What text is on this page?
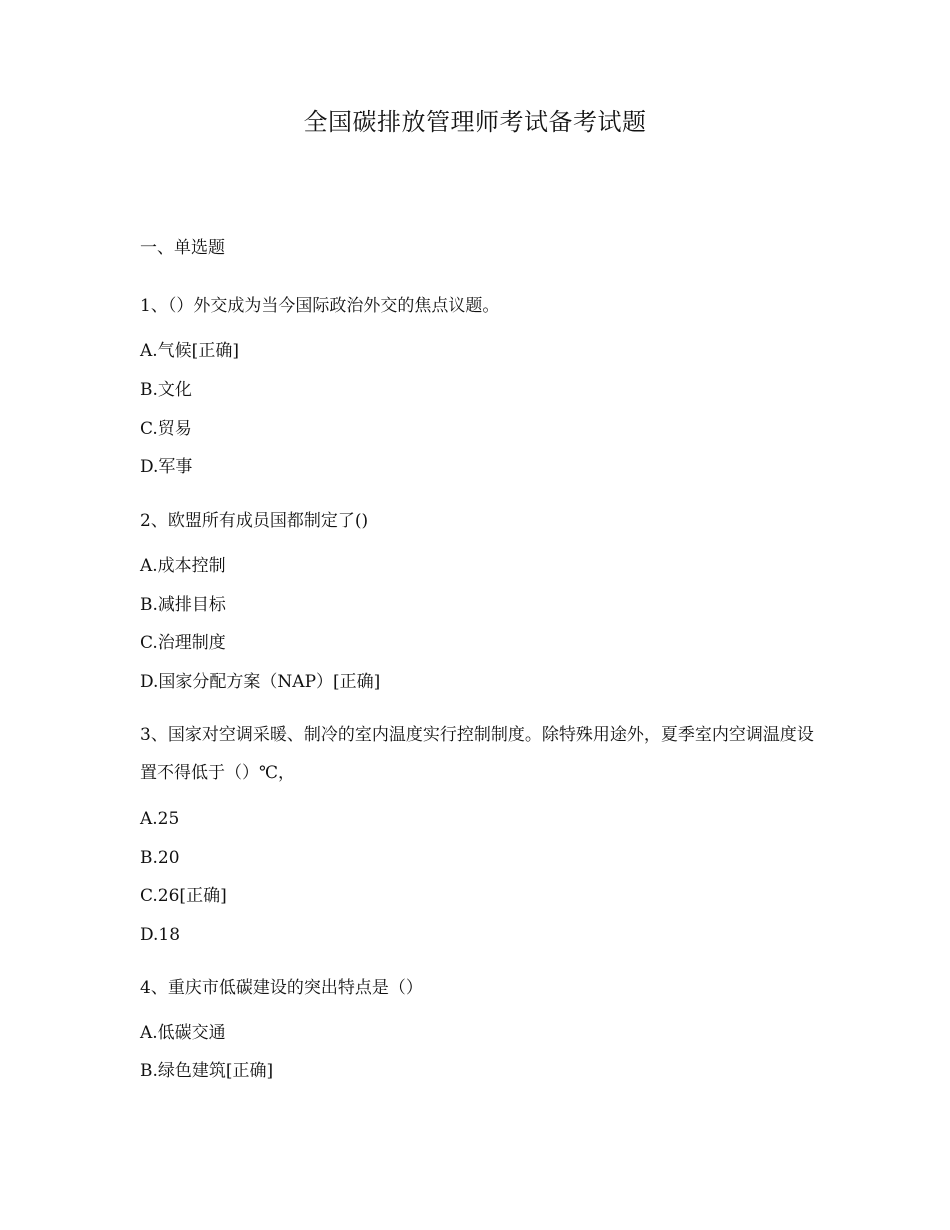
全国碳排放管理师考试备考试题
一、单选题
1、（）外交成为当今国际政治外交的焦点议题。
A.气候[正确]
B.文化
C.贸易
D.军事
2、欧盟所有成员国都制定了()
A.成本控制
B.减排目标
C.治理制度
D.国家分配方案（NAP）[正确]
3、国家对空调采暖、制冷的室内温度实行控制制度。除特殊用途外，夏季室内空调温度设置不得低于（）℃，
A.25
B.20
C.26[正确]
D.18
4、重庆市低碳建设的突出特点是（）
A.低碳交通
B.绿色建筑[正确]
